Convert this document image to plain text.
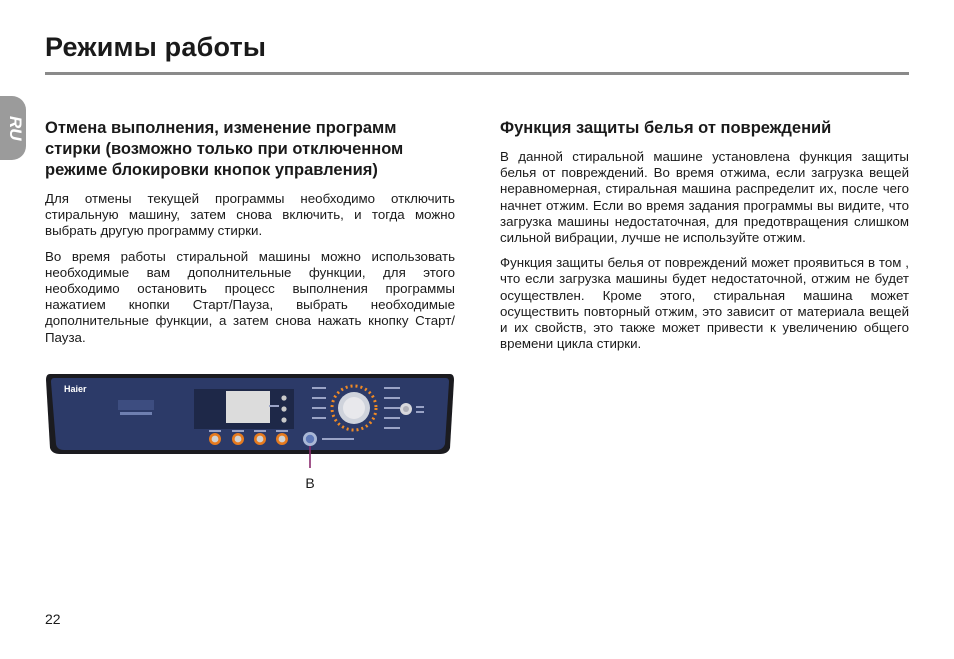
Режимы работы
RU Отмена выполнения, изменение программ стирки (возможно только при отключенном режиме блокировки кнопок управления)

Для отмены текущей программы необходимо отключить стиральную машину, затем снова включить, и тогда можно выбрать другую программу стирки.

Во время работы стиральной машины можно использовать необходимые вам дополнительные функции, для этого необходимо остановить процесс выполнения программы нажатием кнопки Старт/Пауза, выбрать необходимые дополнительные функции, а затем снова нажать кнопку Старт/Пауза.

Функция защиты белья от повреждений

В данной стиральной машине установлена функция защиты белья от повреждений. Во время отжима, если загрузка вещей неравномерная, стиральная машина распределит их, после чего начнет отжим. Если во время задания программы вы видите, что загрузка машины недостаточная, для предотвращения слишком сильной вибрации, лучше не используйте отжим.

Функция защиты белья от повреждений может проявиться в том , что если загрузка машины будет недостаточной, отжим не будет осуществлен. Кроме этого, стиральная машина может осуществить повторный отжим, это зависит от материала вещей и их свойств, это также может привести к увеличению общего времени цикла стирки.

Haier
B
22
